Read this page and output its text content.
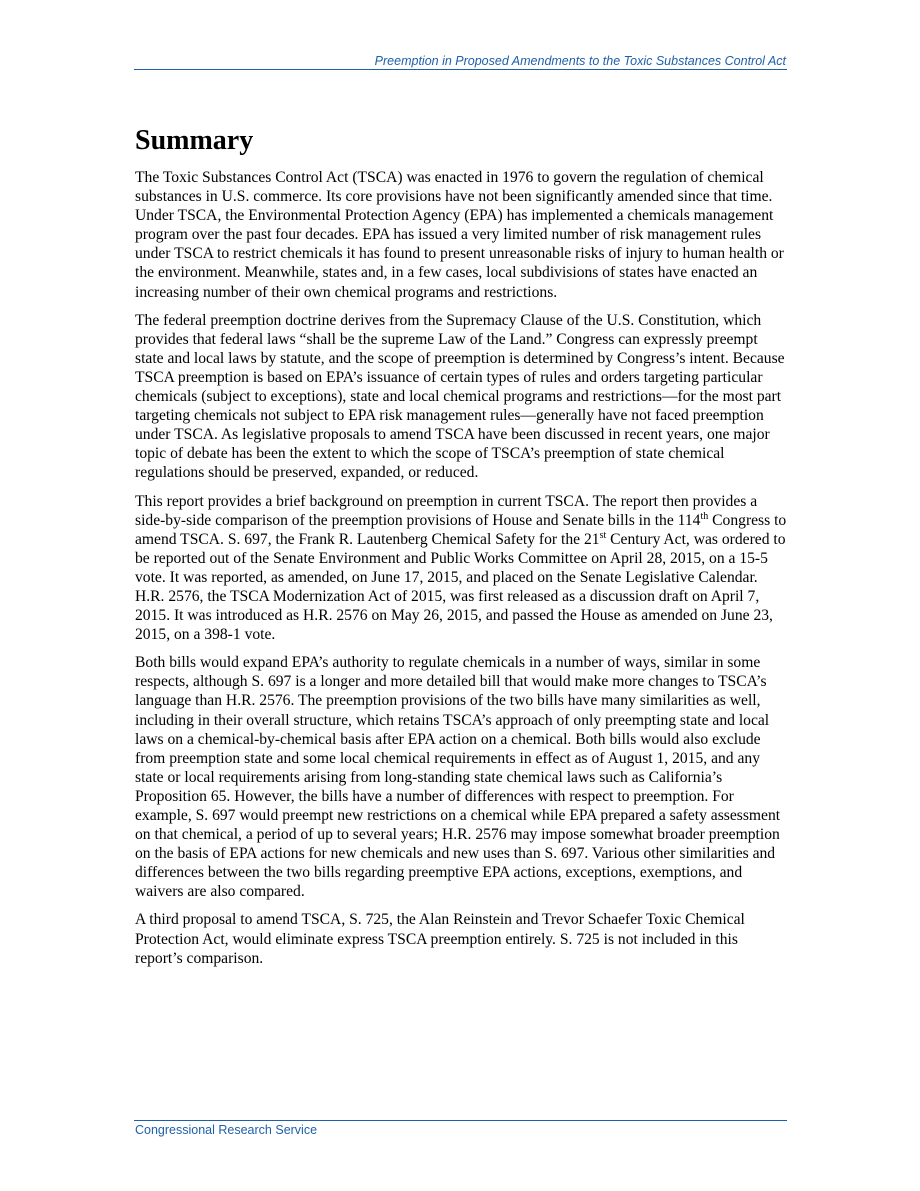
Preemption in Proposed Amendments to the Toxic Substances Control Act
Summary

The Toxic Substances Control Act (TSCA) was enacted in 1976 to govern the regulation of chemical substances in U.S. commerce. Its core provisions have not been significantly amended since that time. Under TSCA, the Environmental Protection Agency (EPA) has implemented a chemicals management program over the past four decades. EPA has issued a very limited number of risk management rules under TSCA to restrict chemicals it has found to present unreasonable risks of injury to human health or the environment. Meanwhile, states and, in a few cases, local subdivisions of states have enacted an increasing number of their own chemical programs and restrictions.

The federal preemption doctrine derives from the Supremacy Clause of the U.S. Constitution, which provides that federal laws “shall be the supreme Law of the Land.” Congress can expressly preempt state and local laws by statute, and the scope of preemption is determined by Congress’s intent. Because TSCA preemption is based on EPA’s issuance of certain types of rules and orders targeting particular chemicals (subject to exceptions), state and local chemical programs and restrictions—for the most part targeting chemicals not subject to EPA risk management rules—generally have not faced preemption under TSCA. As legislative proposals to amend TSCA have been discussed in recent years, one major topic of debate has been the extent to which the scope of TSCA’s preemption of state chemical regulations should be preserved, expanded, or reduced.

This report provides a brief background on preemption in current TSCA. The report then provides a side-by-side comparison of the preemption provisions of House and Senate bills in the 114th Congress to amend TSCA. S. 697, the Frank R. Lautenberg Chemical Safety for the 21st Century Act, was ordered to be reported out of the Senate Environment and Public Works Committee on April 28, 2015, on a 15-5 vote. It was reported, as amended, on June 17, 2015, and placed on the Senate Legislative Calendar. H.R. 2576, the TSCA Modernization Act of 2015, was first released as a discussion draft on April 7, 2015. It was introduced as H.R. 2576 on May 26, 2015, and passed the House as amended on June 23, 2015, on a 398-1 vote.

Both bills would expand EPA’s authority to regulate chemicals in a number of ways, similar in some respects, although S. 697 is a longer and more detailed bill that would make more changes to TSCA’s language than H.R. 2576. The preemption provisions of the two bills have many similarities as well, including in their overall structure, which retains TSCA’s approach of only preempting state and local laws on a chemical-by-chemical basis after EPA action on a chemical. Both bills would also exclude from preemption state and some local chemical requirements in effect as of August 1, 2015, and any state or local requirements arising from long-standing state chemical laws such as California’s Proposition 65. However, the bills have a number of differences with respect to preemption. For example, S. 697 would preempt new restrictions on a chemical while EPA prepared a safety assessment on that chemical, a period of up to several years; H.R. 2576 may impose somewhat broader preemption on the basis of EPA actions for new chemicals and new uses than S. 697. Various other similarities and differences between the two bills regarding preemptive EPA actions, exceptions, exemptions, and waivers are also compared.

A third proposal to amend TSCA, S. 725, the Alan Reinstein and Trevor Schaefer Toxic Chemical Protection Act, would eliminate express TSCA preemption entirely. S. 725 is not included in this report’s comparison.

Congressional Research Service
